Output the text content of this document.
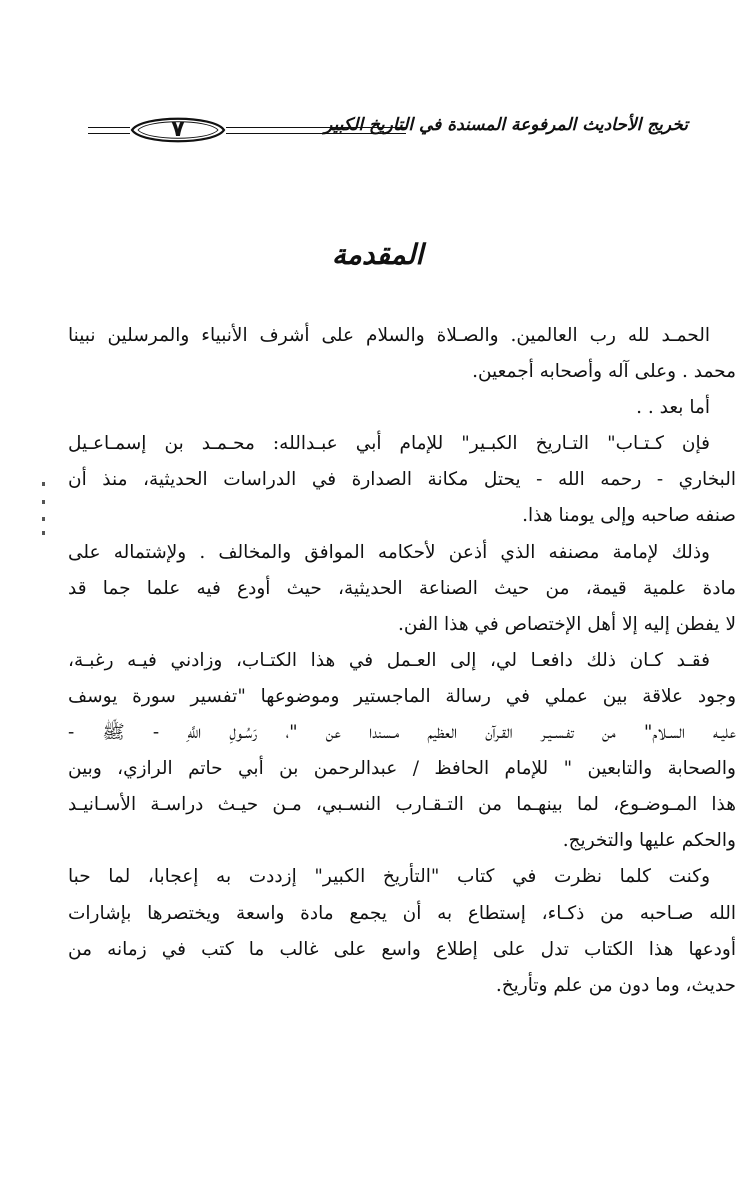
٧	تخريج الأحاديث المرفوعة المسندة في التاريخ الكبير
المقدمة
الحمـد لله رب العالمين. والصـلاة والسلام على أشرف الأنبياء والمرسلين نبينا
محمد . وعلى آله وأصحابه أجمعين.
أما بعد . .
فإن كـتـاب" التـاريخ الكبـير" للإمام أبي عبـدالله: محـمـد بن إسمـاعـيل
البخاري - رحمه الله - يحتل مكانة الصدارة في الدراسات الحديثية، منذ أن
صنفه صاحبه وإلى يومنا هذا.
وذلك لإمامة مصنفه الذي أذعن لأحكامه الموافق والمخالف . ولإشتماله على
مادة علمية قيمة، من حيث الصناعة الحديثية، حيث أودع فيه علما جما قد
لا يفطن إليه إلا أهل الإختصاص في هذا الفن.
فقـد كـان ذلك دافعـا لي، إلى العـمل في هذا الكتـاب، وزادني فيـه رغبـة،
وجود علاقة بين عملي في رسالة الماجستير وموضوعها "تفسير سورة يوسف
عليـه السـلام" من تفـسـيـر القـرآن العظيم مـسندا عن "، رَسُـولِ اللَّهِ - ﷺ -
والصحابة والتابعين " للإمام الحافظ / عبدالرحمن بن أبي حاتم الرازي، وبين
هذا المـوضـوع، لما بينهـما من التـقـارب النسـبي، مـن حيـث دراسـة الأسـانيـد
والحكم عليها والتخريج.
وكنت كلما نظرت في كتاب "التأريخ الكبير" إزددت به إعجابا، لما حبا
الله صـاحبه من ذكـاء، إستطاع به أن يجمع مادة واسعة ويختصرها بإشارات
أودعها هذا الكتاب تدل على إطلاع واسع على غالب ما كتب في زمانه من
حديث، وما دون من علم وتأريخ.
